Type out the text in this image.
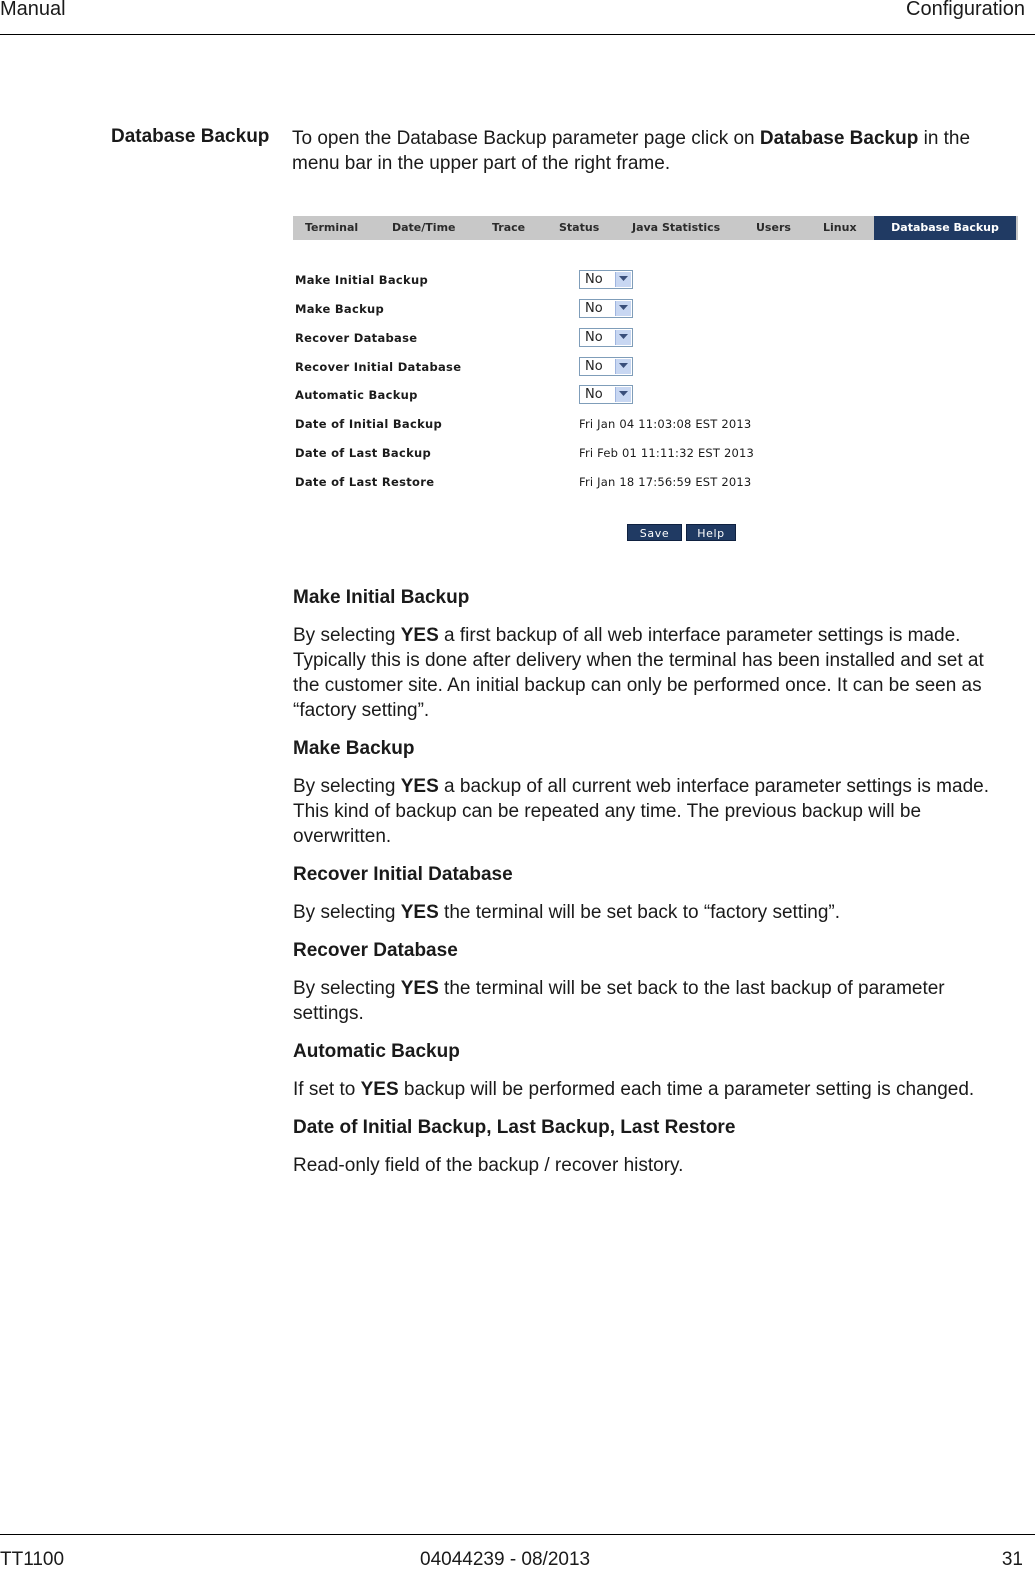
Manual	Configuration
Database Backup To open the Database Backup parameter page click on Database Backup in the menu bar in the upper part of the right frame.
Terminal	Date/Time	Trace	Status	Java Statistics	Users	Linux	Database Backup
Make Initial Backup	No
Make Backup	No
Recover Database	No
Recover Initial Database	No
Automatic Backup	No
Date of Initial Backup	Fri Jan 04 11:03:08 EST 2013
Date of Last Backup	Fri Feb 01 11:11:32 EST 2013
Date of Last Restore	Fri Jan 18 17:56:59 EST 2013
Save	Help
Make Initial Backup

By selecting YES a first backup of all web interface parameter settings is made. Typically this is done after delivery when the terminal has been installed and set at the customer site. An initial backup can only be performed once. It can be seen as “factory setting”.

Make Backup

By selecting YES a backup of all current web interface parameter settings is made. This kind of backup can be repeated any time. The previous backup will be overwritten.

Recover Initial Database

By selecting YES the terminal will be set back to “factory setting”.

Recover Database

By selecting YES the terminal will be set back to the last backup of parameter settings.

Automatic Backup

If set to YES backup will be performed each time a parameter setting is changed.

Date of Initial Backup, Last Backup, Last Restore

Read-only field of the backup / recover history.

TT1100	04044239 - 08/2013	31
